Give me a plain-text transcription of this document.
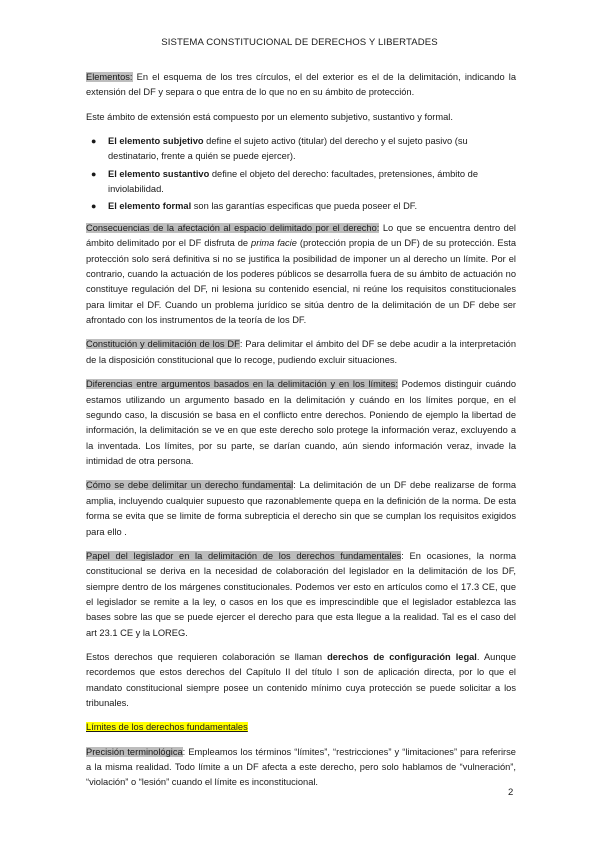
SISTEMA CONSTITUCIONAL DE DERECHOS Y LIBERTADES

Elementos: En el esquema de los tres círculos, el del exterior es el de la delimitación, indicando la extensión del DF y separa o que entra de lo que no en su ámbito de protección.

Este ámbito de extensión está compuesto por un elemento subjetivo, sustantivo y formal.

● El elemento subjetivo define el sujeto activo (titular) del derecho y el sujeto pasivo (su destinatario, frente a quién se puede ejercer).
● El elemento sustantivo define el objeto del derecho: facultades, pretensiones, ámbito de inviolabilidad.
● El elemento formal son las garantías especificas que pueda poseer el DF.

Consecuencias de la afectación al espacio delimitado por el derecho: Lo que se encuentra dentro del ámbito delimitado por el DF disfruta de prima facie (protección propia de un DF) de su protección. Esta protección solo será definitiva si no se justifica la posibilidad de imponer un al derecho un límite. Por el contrario, cuando la actuación de los poderes públicos se desarrolla fuera de su ámbito de actuación no constituye regulación del DF, ni lesiona su contenido esencial, ni reúne los requisitos constitucionales para limitar el DF. Cuando un problema jurídico se sitúa dentro de la delimitación de un DF debe ser afrontado con los instrumentos de la teoría de los DF.

Constitución y delimitación de los DF: Para delimitar el ámbito del DF se debe acudir a la interpretación de la disposición constitucional que lo recoge, pudiendo excluir situaciones.

Diferencias entre argumentos basados en la delimitación y en los límites: Podemos distinguir cuándo estamos utilizando un argumento basado en la delimitación y cuándo en los límites porque, en el segundo caso, la discusión se basa en el conflicto entre derechos. Poniendo de ejemplo la libertad de información, la delimitación se ve en que este derecho solo protege la información veraz, excluyendo a la inventada. Los límites, por su parte, se darían cuando, aún siendo información veraz, invade la intimidad de otra persona.

Cómo se debe delimitar un derecho fundamental: La delimitación de un DF debe realizarse de forma amplia, incluyendo cualquier supuesto que razonablemente quepa en la definición de la norma. De esta forma se evita que se limite de forma subrepticia el derecho sin que se cumplan los requisitos exigidos para ello .

Papel del legislador en la delimitación de los derechos fundamentales: En ocasiones, la norma constitucional se deriva en la necesidad de colaboración del legislador en la delimitación de los DF, siempre dentro de los márgenes constitucionales. Podemos ver esto en artículos como el 17.3 CE, que el legislador se remite a la ley, o casos en los que es imprescindible que el legislador establezca las bases sobre las que se puede ejercer el derecho para que esta llegue a la realidad. Tal es el caso del art 23.1 CE y la LOREG.

Estos derechos que requieren colaboración se llaman derechos de configuración legal. Aunque recordemos que estos derechos del Capítulo II del título I son de aplicación directa, por lo que el mandato constitucional siempre posee un contenido mínimo cuya protección se puede solicitar a los tribunales.

Límites de los derechos fundamentales

Precisión terminológica: Empleamos los términos “límites”, “restricciones” y “limitaciones” para referirse a la misma realidad. Todo límite a un DF afecta a este derecho, pero solo hablamos de “vulneración”, “violación” o “lesión” cuando el límite es inconstitucional.

2
